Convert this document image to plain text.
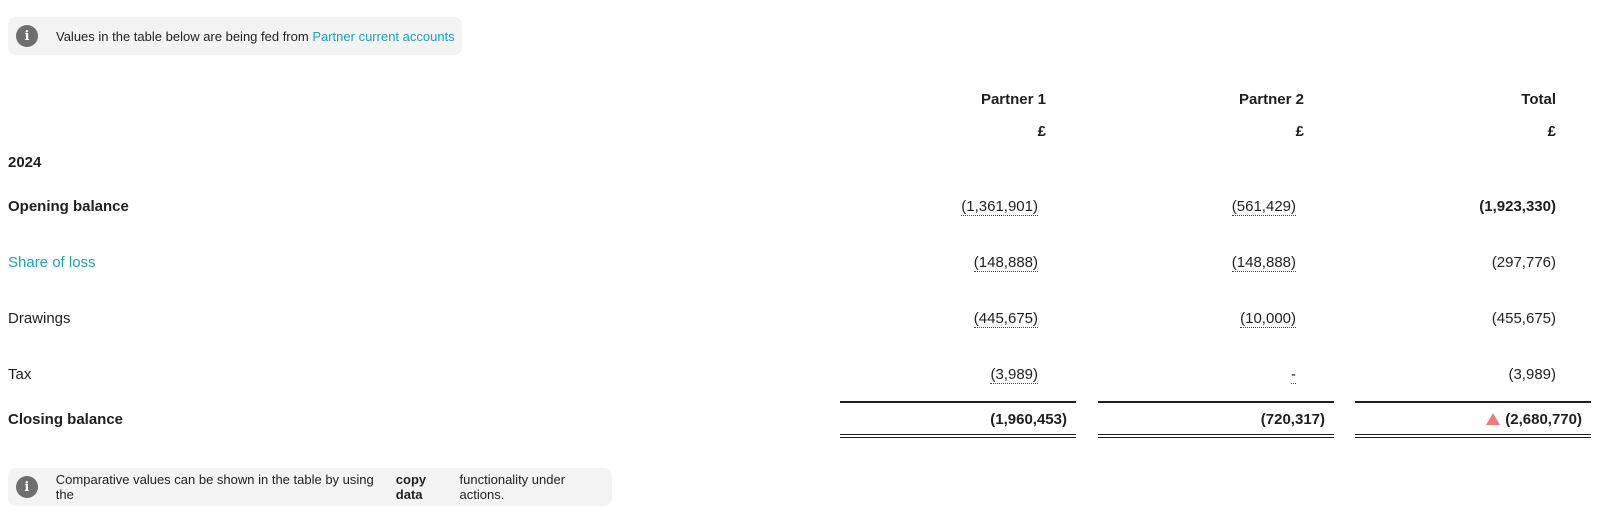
i	Values in the table below are being fed from
Partner current accounts
Partner 1	Partner 2	Total
£	£	£
2024
Opening balance	(1,361,901)	(561,429)	(1,923,330)
Share of loss	(148,888)	(148,888)	(297,776)
Drawings	(445,675)	(10,000)	(455,675)
Tax	(3,989)	-	(3,989)
Closing balance	(1,960,453)	(720,317)	(2,680,770)
i	Comparative values can be shown in the table by using the

copy data

functionality under actions.
